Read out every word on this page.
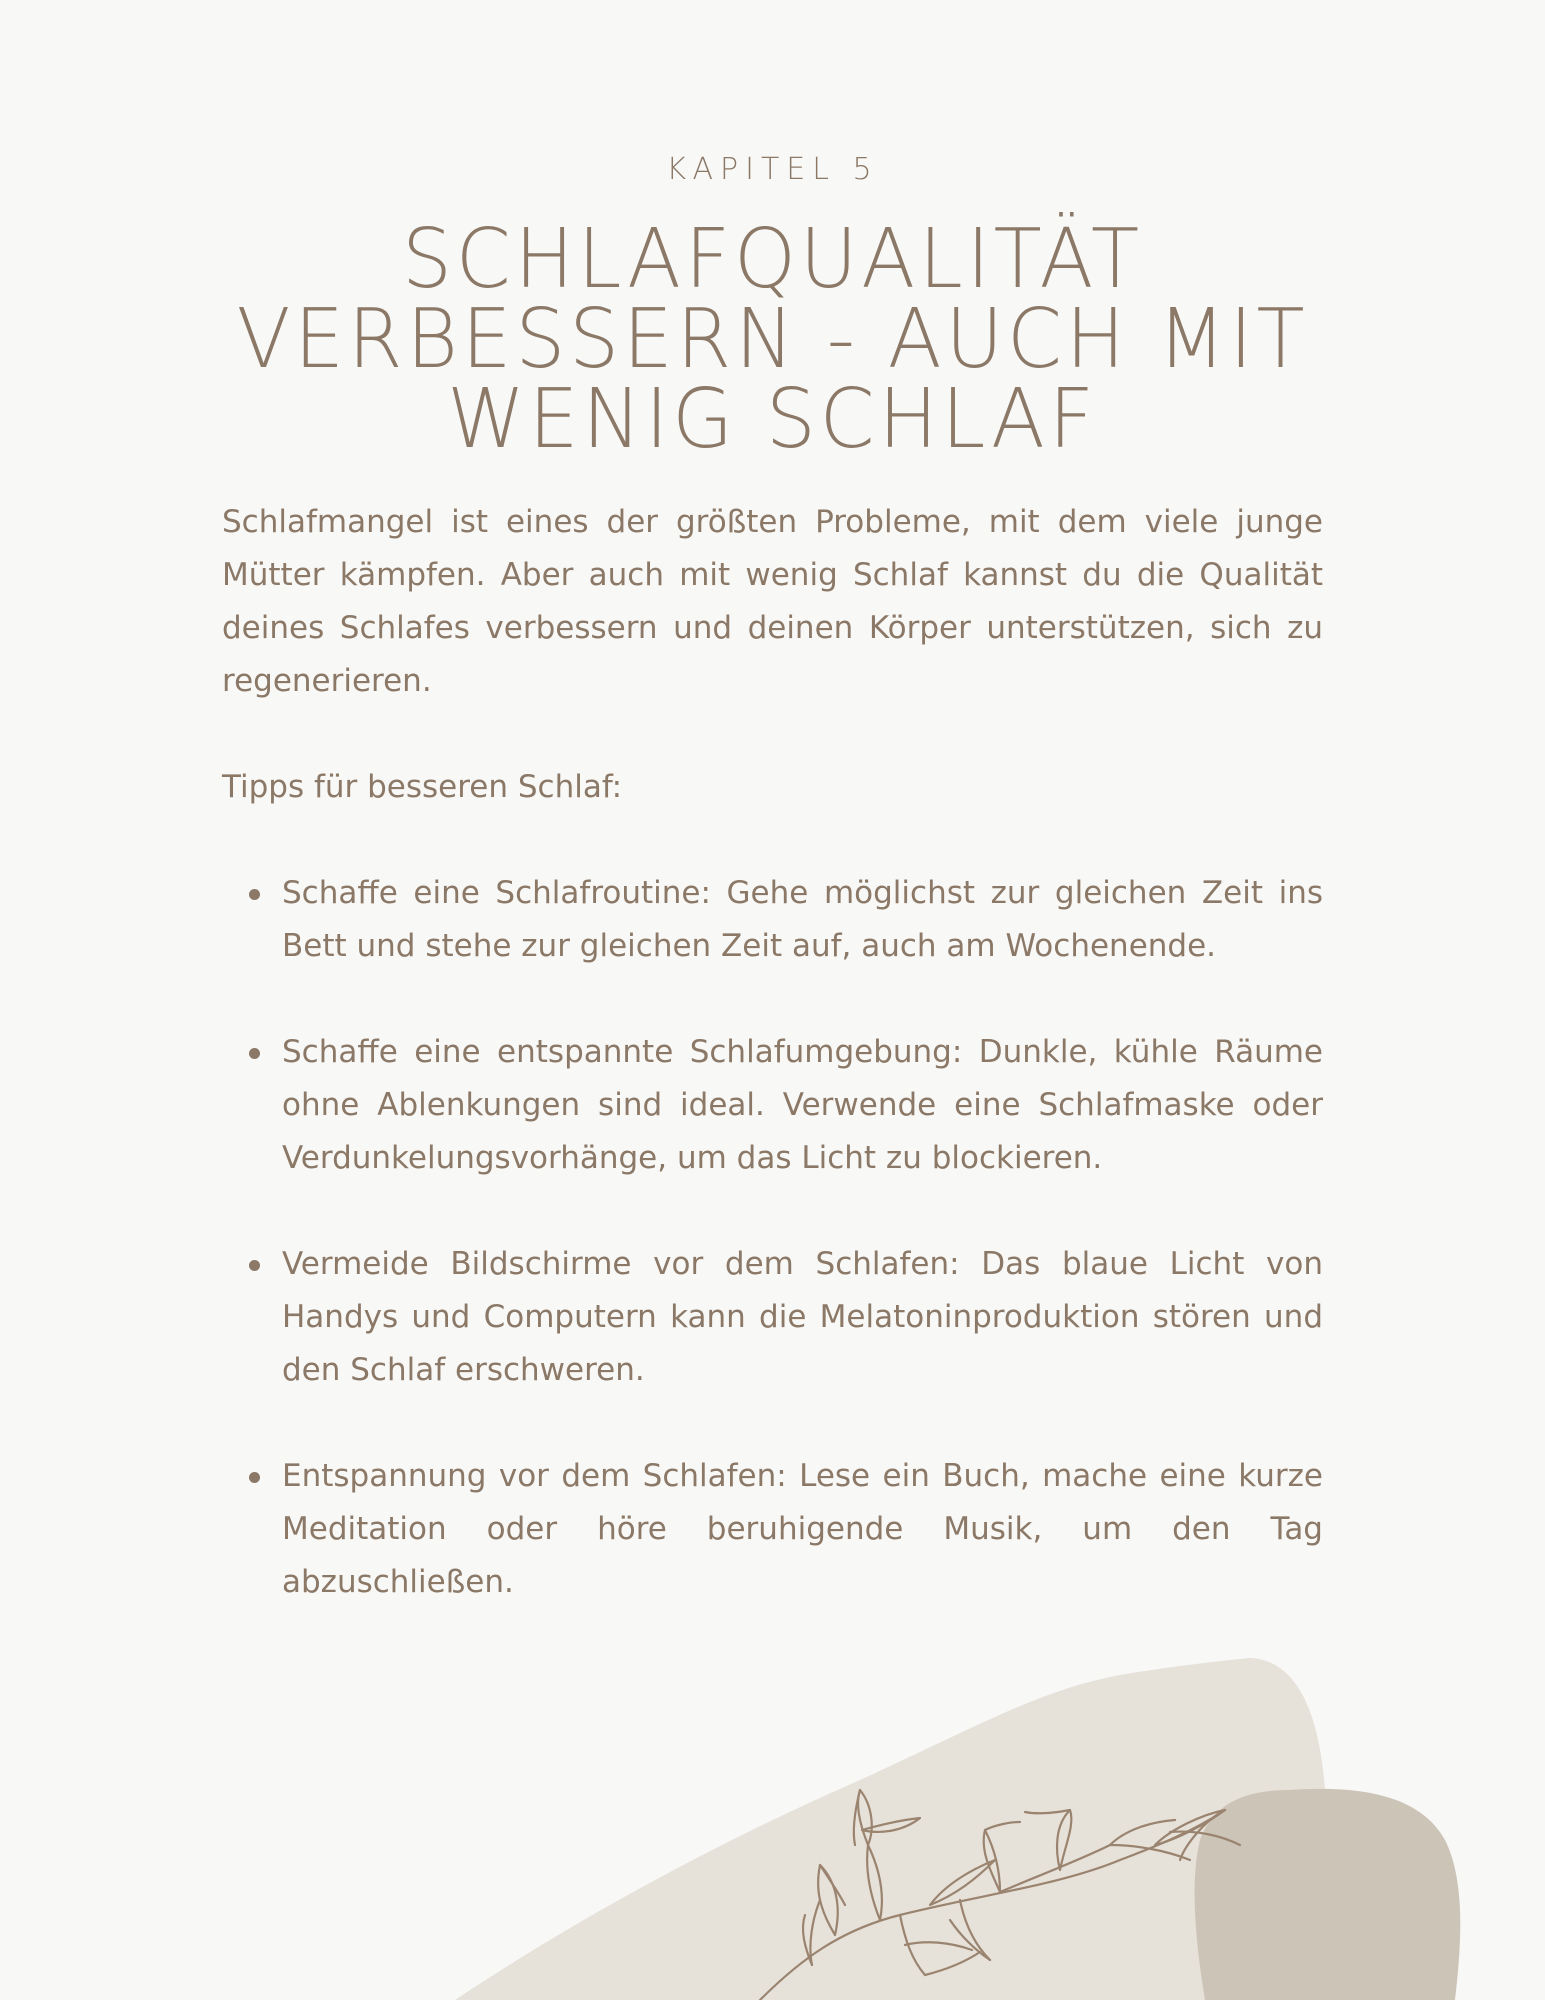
KAPITEL 5

SCHLAFQUALITÄT
VERBESSERN - AUCH MIT
WENIG SCHLAF

Schlafmangel ist eines der größten Probleme, mit dem viele junge Mütter kämpfen. Aber auch mit wenig Schlaf kannst du die Qualität deines Schlafes verbessern und deinen Körper unterstützen, sich zu regenerieren.

Tipps für besseren Schlaf:

Schaffe eine Schlafroutine: Gehe möglichst zur gleichen Zeit ins Bett und stehe zur gleichen Zeit auf, auch am Wochenende.
Schaffe eine entspannte Schlafumgebung: Dunkle, kühle Räume ohne Ablenkungen sind ideal. Verwende eine Schlafmaske oder Verdunkelungsvorhänge, um das Licht zu blockieren.
Vermeide Bildschirme vor dem Schlafen: Das blaue Licht von Handys und Computern kann die Melatoninproduktion stören und den Schlaf erschweren.
Entspannung vor dem Schlafen: Lese ein Buch, mache eine kurze Meditation oder höre beruhigende Musik, um den Tag abzuschließen.
